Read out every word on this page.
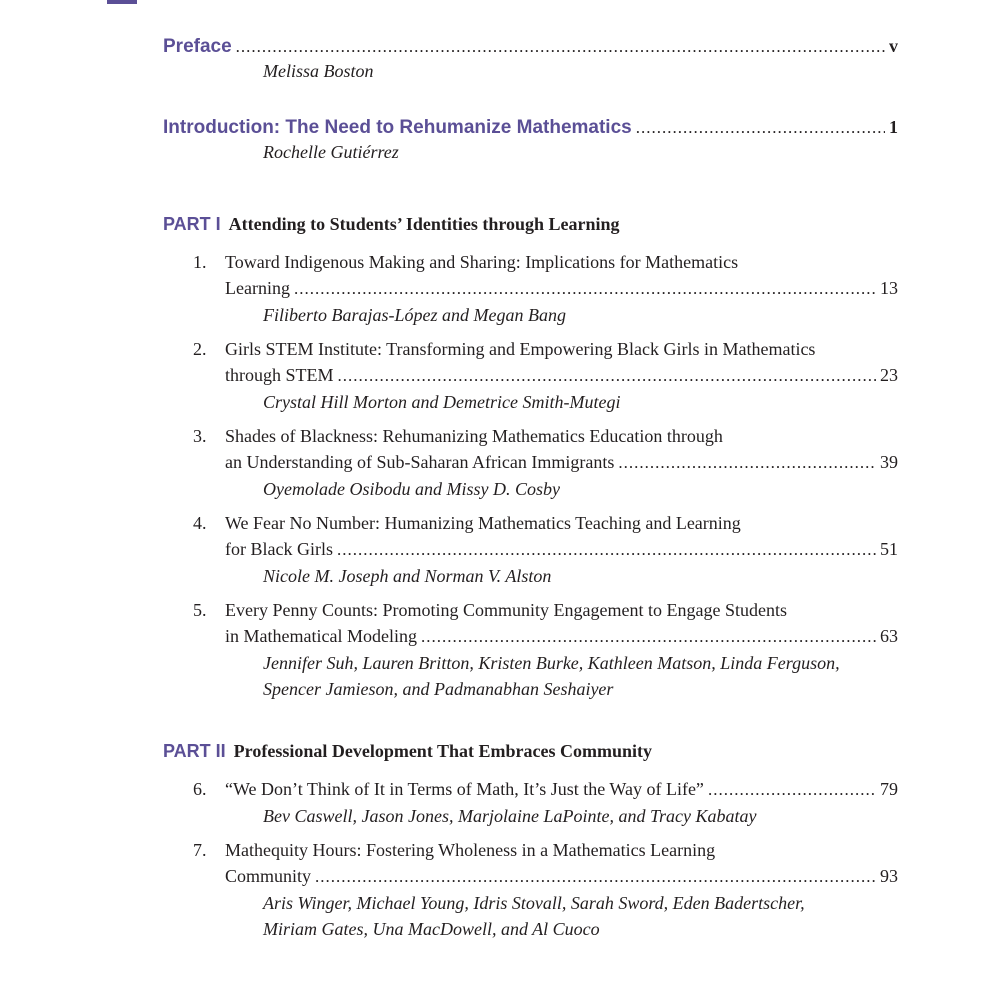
Preface .....	v
Melissa Boston
Introduction: The Need to Rehumanize Mathematics .....	1
Rochelle Gutiérrez
PART I Attending to Students’ Identities through Learning
1.	Toward Indigenous Making and Sharing: Implications for Mathematics
Learning .....	13
Filiberto Barajas-López and Megan Bang
2.	Girls STEM Institute: Transforming and Empowering Black Girls in Mathematics
through STEM .....	23
Crystal Hill Morton and Demetrice Smith-Mutegi
3.	Shades of Blackness: Rehumanizing Mathematics Education through
an Understanding of Sub-Saharan African Immigrants .....	39
Oyemolade Osibodu and Missy D. Cosby
4.	We Fear No Number: Humanizing Mathematics Teaching and Learning
for Black Girls .....	51
Nicole M. Joseph and Norman V. Alston
5.	Every Penny Counts: Promoting Community Engagement to Engage Students
in Mathematical Modeling .....	63
Jennifer Suh, Lauren Britton, Kristen Burke, Kathleen Matson, Linda Ferguson,
Spencer Jamieson, and Padmanabhan Seshaiyer
PART II Professional Development That Embraces Community
6.	“We Don’t Think of It in Terms of Math, It’s Just the Way of Life” .....	79
Bev Caswell, Jason Jones, Marjolaine LaPointe, and Tracy Kabatay
7.	Mathequity Hours: Fostering Wholeness in a Mathematics Learning
Community .....	93
Aris Winger, Michael Young, Idris Stovall, Sarah Sword, Eden Badertscher,
Miriam Gates, Una MacDowell, and Al Cuoco
